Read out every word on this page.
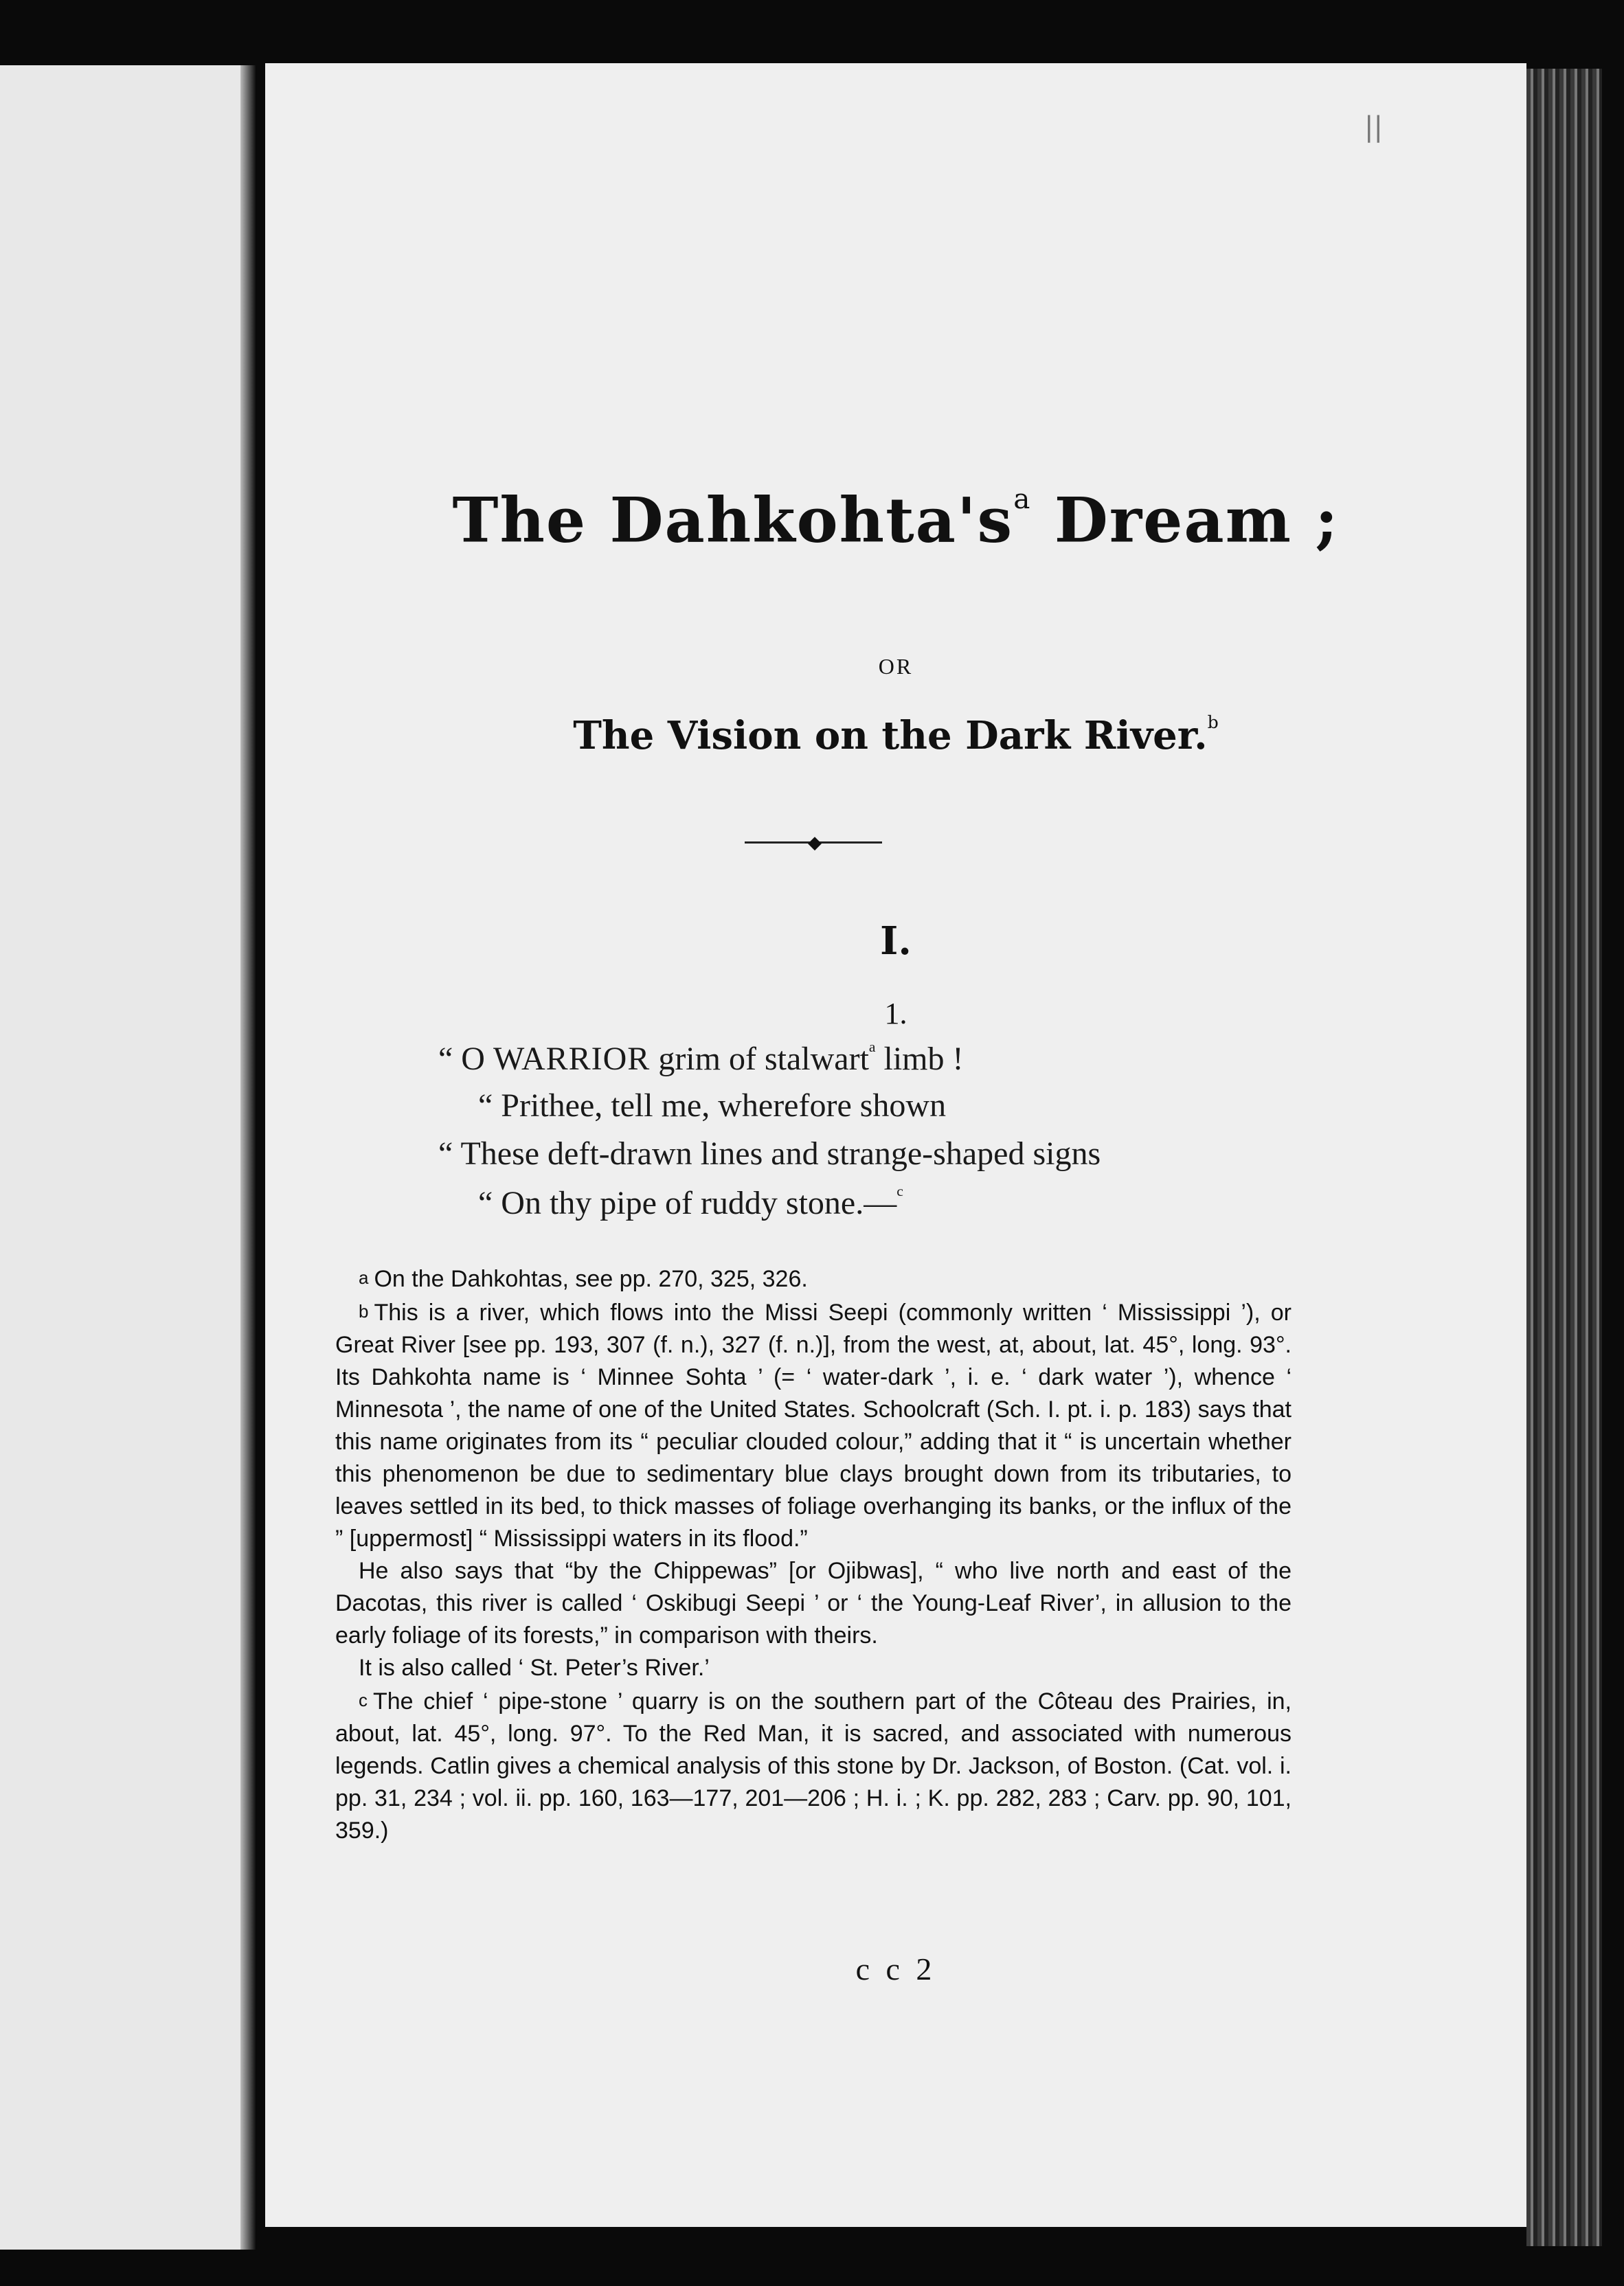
The Dahkohta's$^a$ Dream ;
OR
The Vision on the Dark River.$^b$
◆
I.
1.
“ O WARRIOR grim of stalwart$^a$ limb !
“ Prithee, tell me, wherefore shown
“ These deft-drawn lines and strange-shaped signs
“ On thy pipe of ruddy stone.—$^c$

a On the Dahkohtas, see pp. 270, 325, 326.

b This is a river, which flows into the Missi Seepi (commonly written ‘ Mississippi ’), or Great River [see pp. 193, 307 (f. n.), 327 (f. n.)], from the west, at, about, lat. 45°, long. 93°. Its Dahkohta name is ‘ Minnee Sohta ’ (= ‘ water-dark ’, i. e. ‘ dark water ’), whence ‘ Minnesota ’, the name of one of the United States. Schoolcraft (Sch. I. pt. i. p. 183) says that this name originates from its “ peculiar clouded colour,” adding that it “ is uncertain whether this phenomenon be due to sedimentary blue clays brought down from its tributaries, to leaves settled in its bed, to thick masses of foliage overhanging its banks, or the influx of the ” [uppermost] “ Mississippi waters in its flood.”

He also says that “by the Chippewas” [or Ojibwas], “ who live north and east of the Dacotas, this river is called ‘ Oskibugi Seepi ’ or ‘ the Young-Leaf River’, in allusion to the early foliage of its forests,” in comparison with theirs.

It is also called ‘ St. Peter’s River.’

c The chief ‘ pipe-stone ’ quarry is on the southern part of the Côteau des Prairies, in, about, lat. 45°, long. 97°. To the Red Man, it is sacred, and associated with numerous legends. Catlin gives a chemical analysis of this stone by Dr. Jackson, of Boston. (Cat. vol. i. pp. 31, 234 ; vol. ii. pp. 160, 163—177, 201—206 ; H. i. ; K. pp. 282, 283 ; Carv. pp. 90, 101, 359.)

c c 2
||
